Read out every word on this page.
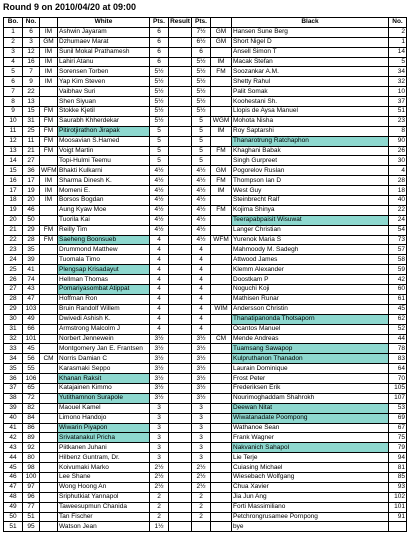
Round 9 on 2010/04/20 at 09:00
Bo.	No.		White	Pts.	Result	Pts.		Black	No.
1	6	IM	Ashwin Jayaram	6		7½	GM	Hansen Sune Berg	2
2	3	GM	Dzhumaev Marat	6		6½	GM	Short Nigel D	1
3	12	IM	Sunil Mokal Prathamesh	6		6		Ansell Simon T	14
4	16	IM	Lahiri Atanu	6		5½	IM	Macak Stefan	5
5	7	IM	Sorensen Torben	5½		5½	FM	Soozankar A.M.	34
6	9	IM	Yap Kim Steven	5½		5½		Shetty Rahul	32
7	22		Vaibhav Suri	5½		5½		Palit Somak	10
8	13		Shen Siyuan	5½		5½		Koohestani Sh.	37
9	15	FM	Stokke Kjetil	5½		5½		Llopis de Aysa Manuel	51
10	31	FM	Saurabh Khherdekar	5½		5	WGM	Mohota Nisha	23
11	25	FM	Pitirotjirathon Jirapak	5		5	IM	Roy Saptarshi	8
12	11	FM	Moosavian S.Hamed	5		5		Thanarotrung Ratchaphon	90
13	21	FM	Voigt Martin	5		5	FM	Khaghani Babak	26
14	27		Topi-Hulmi Teemu	5		5		Singh Gurpreet	30
15	36	WFM	Bhakti Kulkarni	4½		4½	GM	Pogorelov Ruslan	4
16	17	IM	Sharma Dinesh K.	4½		4½	FM	Thompson Ian D	28
17	19	IM	Momeni E.	4½		4½	IM	West Guy	18
18	20	IM	Borsos Bogdan	4½		4½		Steinbrecht Ralf	40
19	46		Aung Kyaw Moe	4½		4½	FM	Kojima Shinya	22
20	50		Tuorila Kai	4½		4½		Teerapabpaisit Wisuwat	24
21	29	FM	Reilly Tim	4½		4½		Langer Christian	54
22	28	FM	Saeheng Boonsueb	4		4½	WFM	Yurenok Maria S	73
23	35		Drummond Matthew	4		4		Mahmoody M. Sadegh	57
24	39		Tuomala Timo	4		4		Attwood James	58
25	41		Plengsap Krisadayut	4		4		Klemm Alexander	59
26	74		Hellman Thomas	4		4		Doostkam P	42
27	43		Pomariyasombat Atippat	4		4		Noguchi Koji	60
28	47		Hoffman Ron	4		4		Mathisen Runar	61
29	103		Bruin Randolf Willem	4		4	WIM	Andersson Christin	45
30	49		Dwivedi Ashish K.	4		4		Thanatipanonda Thotsaporn	62
31	66		Armstrong Malcolm J	4		4		Ocantos Manuel	52
32	101		Norbert Jennewein	3½		3½	CM	Mende Andreas	44
33	45		Montgomery Jan E. Frantsen	3½		3½		Tuamsang Sawapop	78
34	56	CM	Norris Damian C	3½		3½		Kulpruthanon Thanadon	83
35	55		Karasmaki Seppo	3½		3½		Laurain Dominique	64
36	106		Khanan Raksit	3½		3½		Frost Peter	70
37	65		Katajainen Kimmo	3½		3½		Frederiksen Erik	105
38	72		Yutithamnon Surapole	3½		3½		Nourimoghaddam Shahrokh	107
39	82		Maouel Kamel	3		3		Deewan Nitat	53
40	84		Limono Handojo	3		3		Wiwatanadate Poompong	69
41	86		Wiwarin Piyapon	3		3		Wathanoe Sean	67
42	89		Srivatanakul Pricha	3		3		Frank Wagner	75
43	92		Piitkanen Juhani	3		3		Nakvanich Sahapol	79
44	80		Hilbenz Guntram, Dr.	3		3		Lie Terje	94
45	98		Koivumaki Marko	2½		2½		Cuiasing Michael	81
46	100		Lee Shane	2½		2½		Wiesebach Wolfgang	85
47	97		Wong Hoong An	2½		2½		Chua Xavier	93
48	96		Sriphutkiat Yannapol	2		2		Jia Jun Ang	102
49	77		Taweesupmun Chanida	2		2		Forti Massimiliano	101
50	51		Tan Fischer	2		2		Petchrongrusamee Pornpong	91
51	95		Watson Jean	1½				bye	
